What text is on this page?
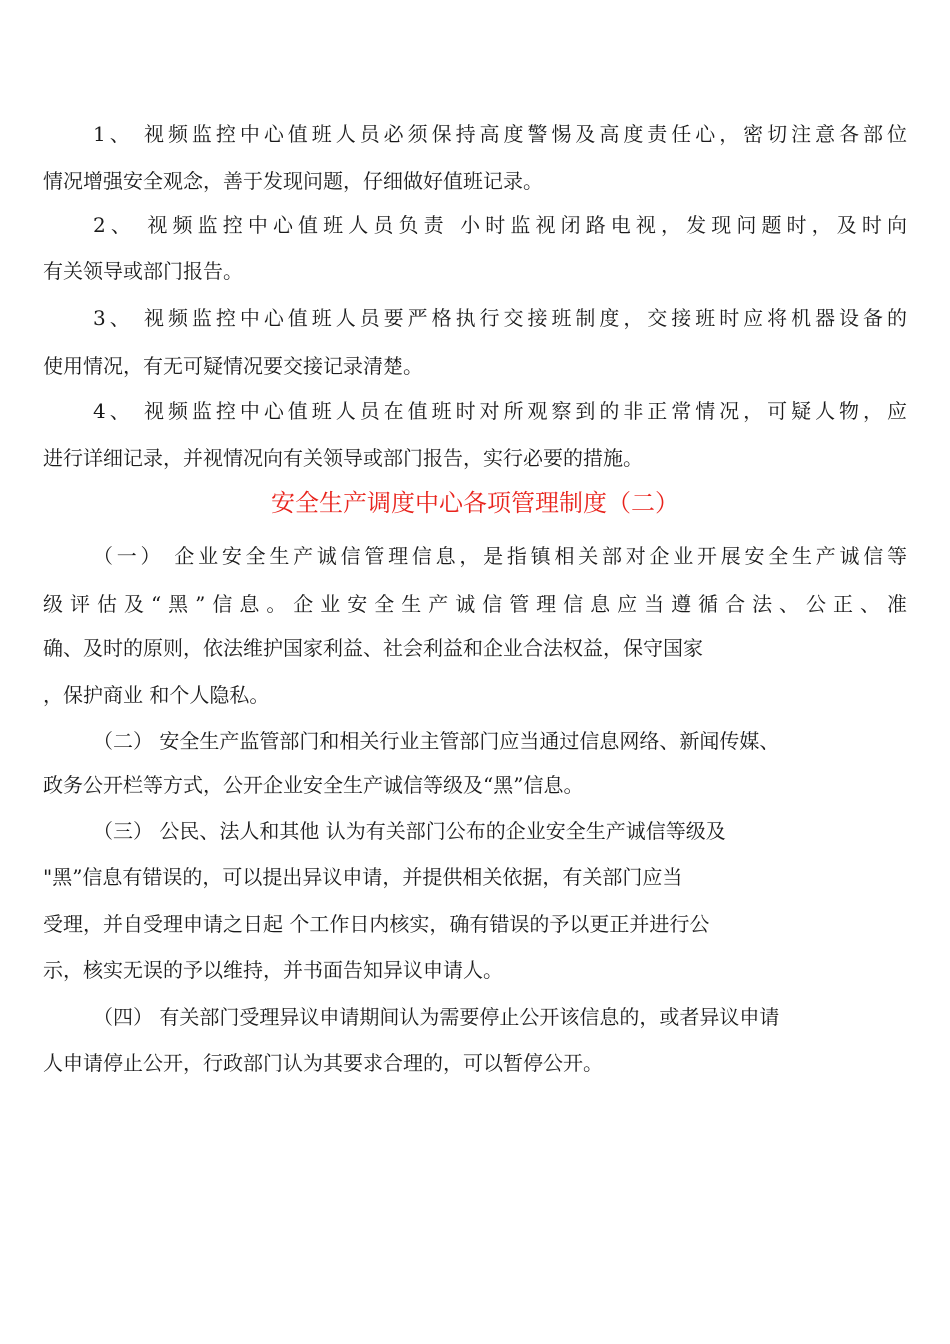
1、 视频监控中心值班人员必须保持高度警惕及高度责任心，密切注意各部位
情况增强安全观念，善于发现问题，仔细做好值班记录。
2、 视频监控中心值班人员负责 小时监视闭路电视，发现问题时，及时向
有关领导或部门报告。
3、 视频监控中心值班人员要严格执行交接班制度，交接班时应将机器设备的
使用情况，有无可疑情况要交接记录清楚。
4、 视频监控中心值班人员在值班时对所观察到的非正常情况，可疑人物，应
进行详细记录，并视情况向有关领导或部门报告，实行必要的措施。
安全生产调度中心各项管理制度（二）
（一） 企业安全生产诚信管理信息，是指镇相关部对企业开展安全生产诚信等
级评估及“黑”信息。企业安全生产诚信管理信息应当遵循合法、公正、准
确、及时的原则，依法维护国家利益、社会利益和企业合法权益，保守国家
，保护商业 和个人隐私。
（二） 安全生产监管部门和相关行业主管部门应当通过信息网络、新闻传媒、
政务公开栏等方式，公开企业安全生产诚信等级及“黑”信息。
（三） 公民、法人和其他 认为有关部门公布的企业安全生产诚信等级及
"黑”信息有错误的，可以提出异议申请，并提供相关依据，有关部门应当
受理，并自受理申请之日起 个工作日内核实，确有错误的予以更正并进行公
示，核实无误的予以维持，并书面告知异议申请人。
（四） 有关部门受理异议申请期间认为需要停止公开该信息的，或者异议申请
人申请停止公开，行政部门认为其要求合理的，可以暂停公开。
